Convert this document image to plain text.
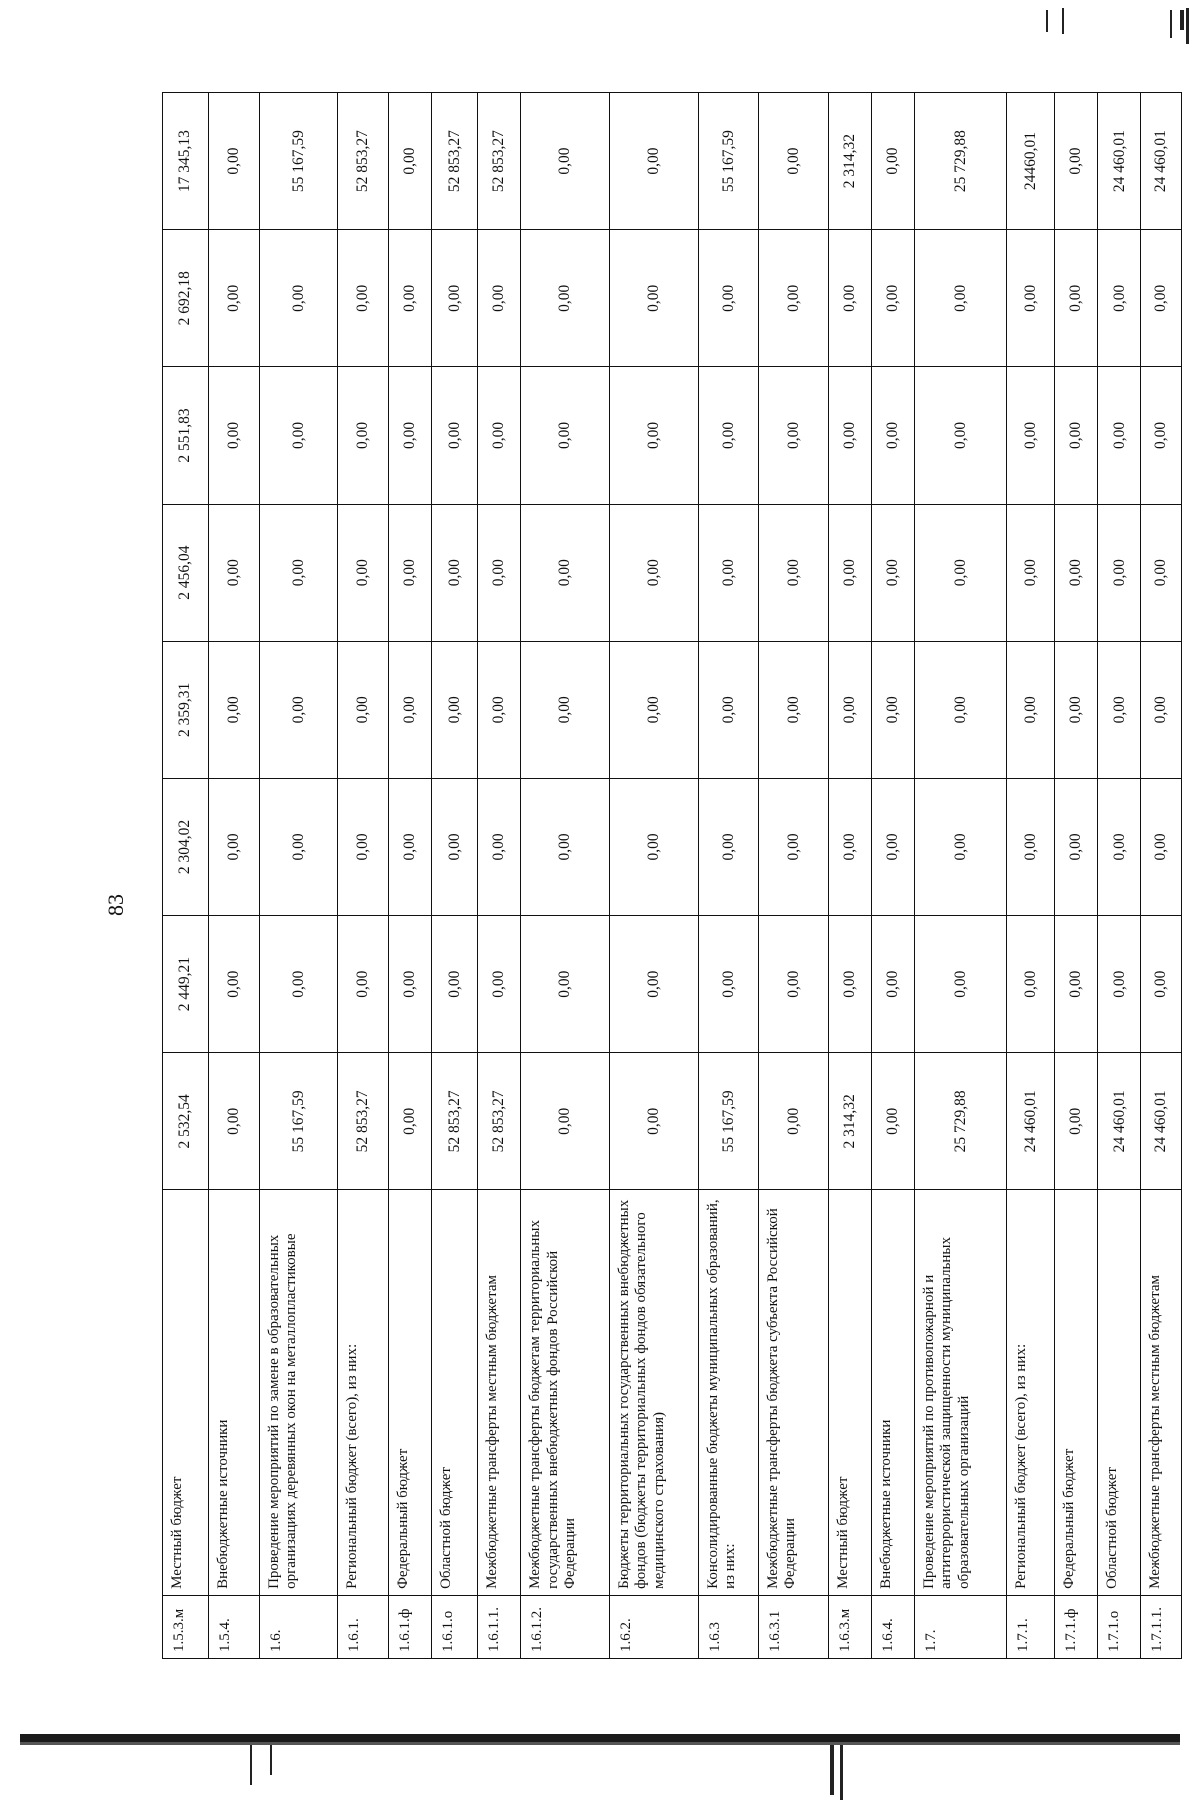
83
1.5.3.м	Местный бюджет	2 532,54	2 449,21	2 304,02	2 359,31	2 456,04	2 551,83	2 692,18	17 345,13
1.5.4.	Внебюджетные источники	0,00	0,00	0,00	0,00	0,00	0,00	0,00	0,00
1.6.	Проведение мероприятий по замене в образовательных организациях деревянных окон на металлопластиковые	55 167,59	0,00	0,00	0,00	0,00	0,00	0,00	55 167,59
1.6.1.	Региональный бюджет (всего), из них:	52 853,27	0,00	0,00	0,00	0,00	0,00	0,00	52 853,27
1.6.1.ф	Федеральный бюджет	0,00	0,00	0,00	0,00	0,00	0,00	0,00	0,00
1.6.1.о	Областной бюджет	52 853,27	0,00	0,00	0,00	0,00	0,00	0,00	52 853,27
1.6.1.1.	Межбюджетные трансферты местным бюджетам	52 853,27	0,00	0,00	0,00	0,00	0,00	0,00	52 853,27
1.6.1.2.	Межбюджетные трансферты бюджетам территориальных государственных внебюджетных фондов Российской Федерации	0,00	0,00	0,00	0,00	0,00	0,00	0,00	0,00
1.6.2.	Бюджеты территориальных государственных внебюджетных фондов (бюджеты территориальных фондов обязательного медицинского страхования)	0,00	0,00	0,00	0,00	0,00	0,00	0,00	0,00
1.6.3	Консолидированные бюджеты муниципальных образований, из них:	55 167,59	0,00	0,00	0,00	0,00	0,00	0,00	55 167,59
1.6.3.1	Межбюджетные трансферты бюджета субъекта Российской Федерации	0,00	0,00	0,00	0,00	0,00	0,00	0,00	0,00
1.6.3.м	Местный бюджет	2 314,32	0,00	0,00	0,00	0,00	0,00	0,00	2 314,32
1.6.4.	Внебюджетные источники	0,00	0,00	0,00	0,00	0,00	0,00	0,00	0,00
1.7.	Проведение мероприятий по противопожарной и антитеррористической защищенности муниципальных образовательных организаций	25 729,88	0,00	0,00	0,00	0,00	0,00	0,00	25 729,88
1.7.1.	Региональный бюджет (всего), из них:	24 460,01	0,00	0,00	0,00	0,00	0,00	0,00	24460,01
1.7.1.ф	Федеральный бюджет	0,00	0,00	0,00	0,00	0,00	0,00	0,00	0,00
1.7.1.о	Областной бюджет	24 460,01	0,00	0,00	0,00	0,00	0,00	0,00	24 460,01
1.7.1.1.	Межбюджетные трансферты местным бюджетам	24 460,01	0,00	0,00	0,00	0,00	0,00	0,00	24 460,01
